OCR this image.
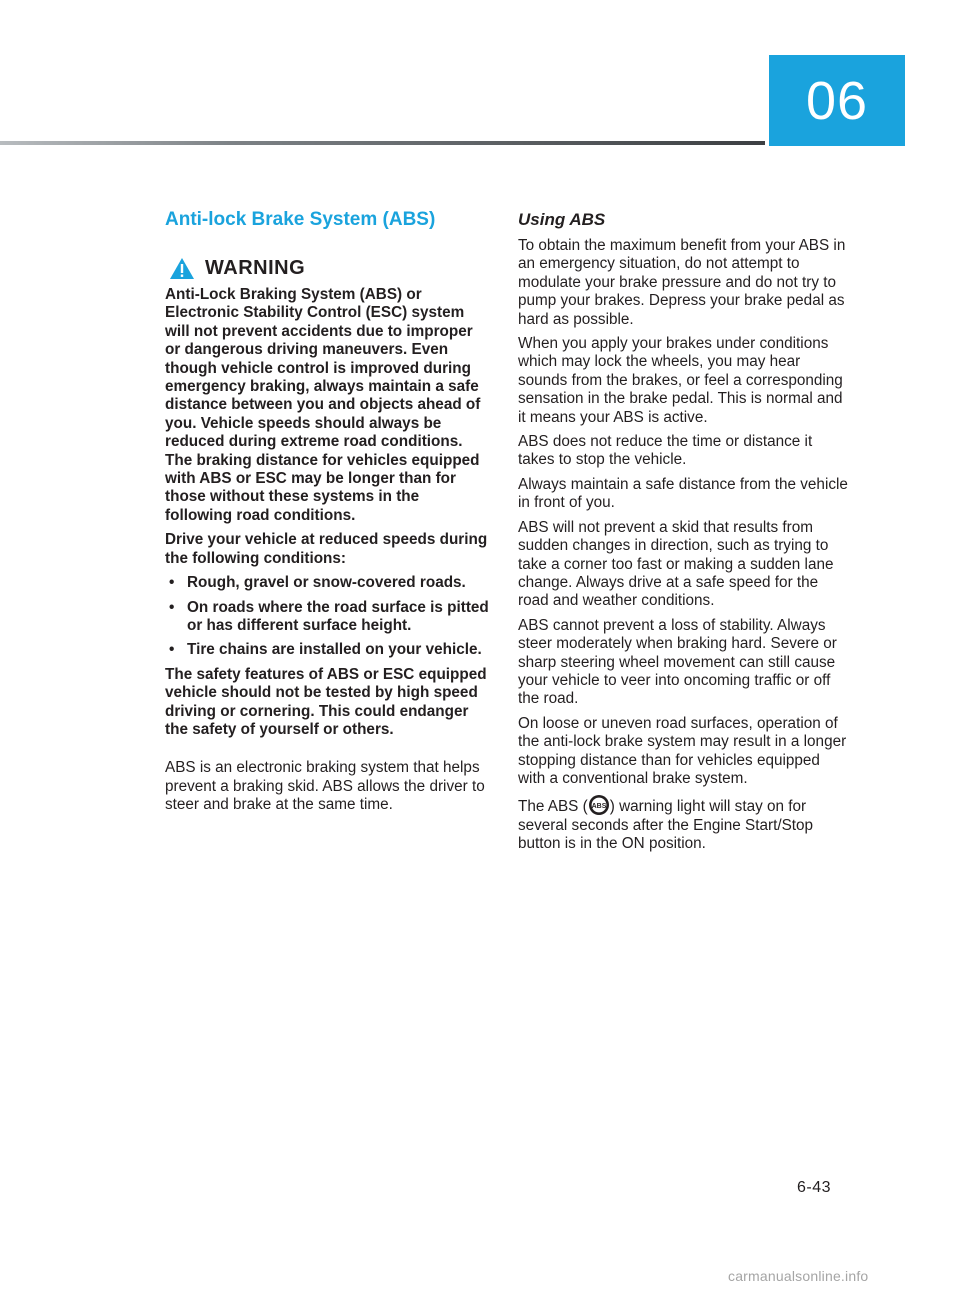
06
Anti-lock Brake System (ABS)
WARNING

Anti-Lock Braking System (ABS) or Electronic Stability Control (ESC) system will not prevent accidents due to improper or dangerous driving maneuvers. Even though vehicle control is improved during emergency braking, always maintain a safe distance between you and objects ahead of you. Vehicle speeds should always be reduced during extreme road conditions. The braking distance for vehicles equipped with ABS or ESC may be longer than for those without these systems in the following road conditions.

Drive your vehicle at reduced speeds during the following conditions:

• Rough, gravel or snow-covered roads.
• On roads where the road surface is pitted or has different surface height.
• Tire chains are installed on your vehicle.

The safety features of ABS or ESC equipped vehicle should not be tested by high speed driving or cornering. This could endanger the safety of yourself or others.

ABS is an electronic braking system that helps prevent a braking skid. ABS allows the driver to steer and brake at the same time.

Using ABS

To obtain the maximum benefit from your ABS in an emergency situation, do not attempt to modulate your brake pressure and do not try to pump your brakes. Depress your brake pedal as hard as possible.

When you apply your brakes under conditions which may lock the wheels, you may hear sounds from the brakes, or feel a corresponding sensation in the brake pedal. This is normal and it means your ABS is active.

ABS does not reduce the time or distance it takes to stop the vehicle.

Always maintain a safe distance from the vehicle in front of you.

ABS will not prevent a skid that results from sudden changes in direction, such as trying to take a corner too fast or making a sudden lane change. Always drive at a safe speed for the road and weather conditions.

ABS cannot prevent a loss of stability. Always steer moderately when braking hard. Severe or sharp steering wheel movement can still cause your vehicle to veer into oncoming traffic or off the road.

On loose or uneven road surfaces, operation of the anti-lock brake system may result in a longer stopping distance than for vehicles equipped with a conventional brake system.

The ABS ( ABS ) warning light will stay on for several seconds after the Engine Start/Stop button is in the ON position.

6-43
carmanualsonline.info
